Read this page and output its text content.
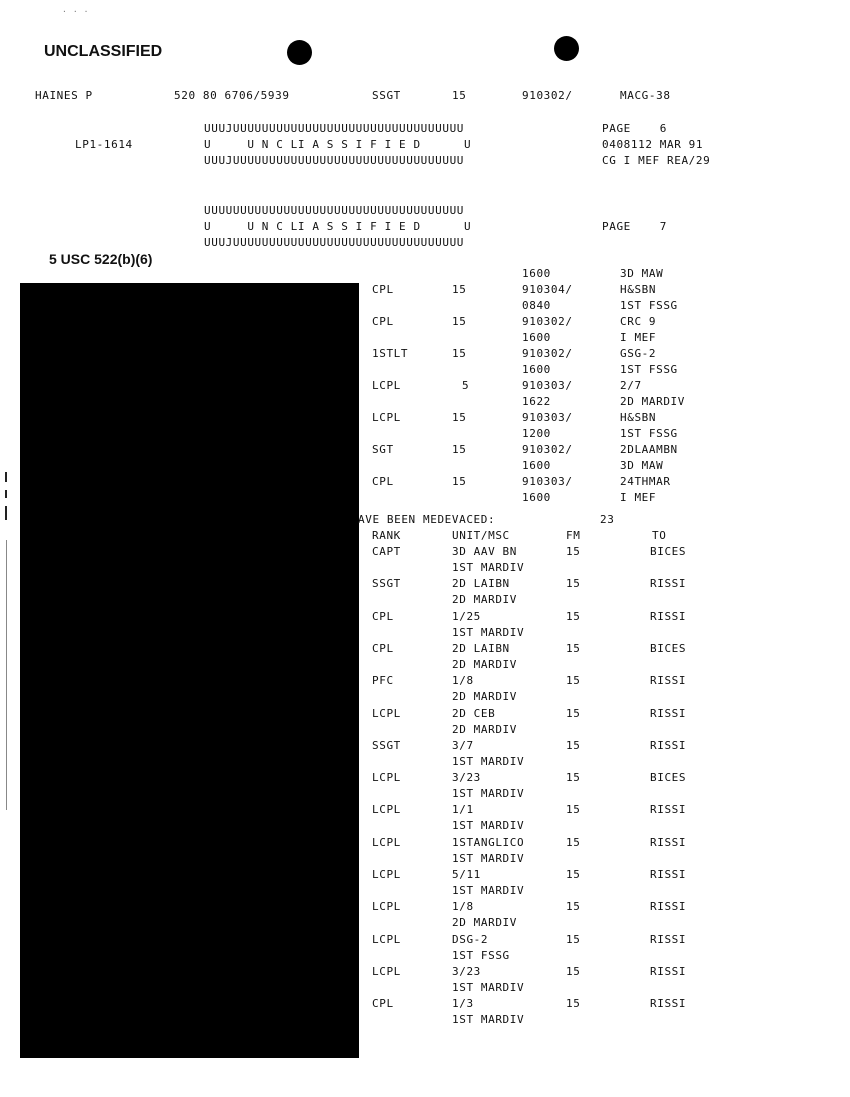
· · ·
UNCLASSIFIED
HAINES P	520 80 6706/5939	SSGT	15	910302/	MACG-38
UUUJUUUUUUUUUUUUUUUUUUUUUUUUUUUUUUUU
U     U N C LI A S S I F I E D      U
UUUJUUUUUUUUUUUUUUUUUUUUUUUUUUUUUUUU
LP1-1614
PAGE    6
0408112 MAR 91
CG I MEF REA/29
UUUUUUUUUUUUUUUUUUUUUUUUUUUUUUUUUUUU
U     U N C LI A S S I F I E D      U
UUUJUUUUUUUUUUUUUUUUUUUUUUUUUUUUUUUU
PAGE    7
5 USC 522(b)(6)
1600	3D MAW
CPL	15	910304/	H&SBN
0840	1ST FSSG
CPL	15	910302/	CRC 9
1600	I MEF
1STLT	15	910302/	GSG-2
1600	1ST FSSG
LCPL	5	910303/	2/7
1622	2D MARDIV
LCPL	15	910303/	H&SBN
1200	1ST FSSG
SGT	15	910302/	2DLAAMBN
1600	3D MAW
CPL	15	910303/	24THMAR
1600	I MEF
AVE BEEN MEDEVACED:	23
RANK	UNIT/MSC	FM	TO
CAPT	3D AAV BN	15	BICES
1ST MARDIV
SSGT	2D LAIBN	15	RISSI
2D MARDIV
CPL	1/25	15	RISSI
1ST MARDIV
CPL	2D LAIBN	15	BICES
2D MARDIV
PFC	1/8	15	RISSI
2D MARDIV
LCPL	2D CEB	15	RISSI
2D MARDIV
SSGT	3/7	15	RISSI
1ST MARDIV
LCPL	3/23	15	BICES
1ST MARDIV
LCPL	1/1	15	RISSI
1ST MARDIV
LCPL	1STANGLICO	15	RISSI
1ST MARDIV
LCPL	5/11	15	RISSI
1ST MARDIV
LCPL	1/8	15	RISSI
2D MARDIV
LCPL	DSG-2	15	RISSI
1ST FSSG
LCPL	3/23	15	RISSI
1ST MARDIV
CPL	1/3	15	RISSI
1ST MARDIV
